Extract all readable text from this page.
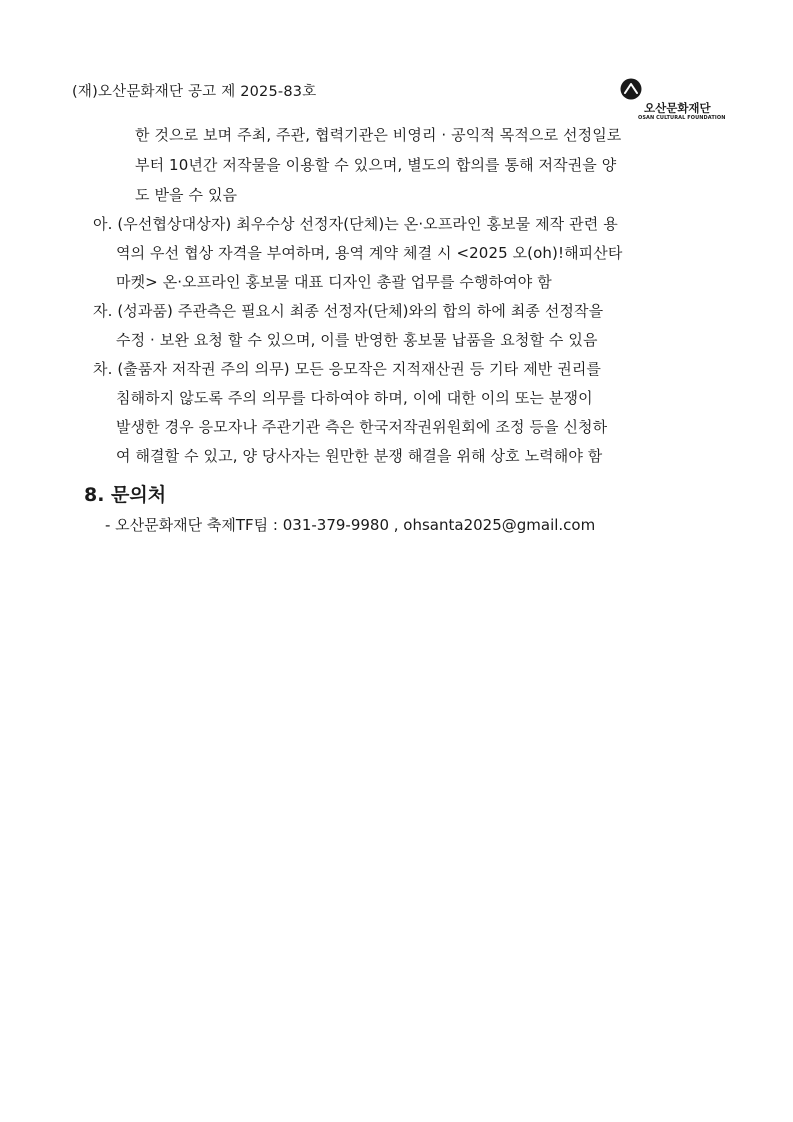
(재)오산문화재단 공고 제 2025-83호
오산문화재단
OSAN CULTURAL FOUNDATION
한 것으로 보며 주최, 주관, 협력기관은 비영리 · 공익적 목적으로 선정일로
부터 10년간 저작물을 이용할 수 있으며, 별도의 합의를 통해 저작권을 양
도 받을 수 있음
아. (우선협상대상자) 최우수상 선정자(단체)는 온·오프라인 홍보물 제작 관련 용
역의 우선 협상 자격을 부여하며, 용역 계약 체결 시 <2025 오(oh)!해피산타
마켓> 온·오프라인 홍보물 대표 디자인 총괄 업무를 수행하여야 함
자. (성과품) 주관측은 필요시 최종 선정자(단체)와의 합의 하에 최종 선정작을
수정 · 보완 요청 할 수 있으며, 이를 반영한 홍보물 납품을 요청할 수 있음
차. (출품자 저작권 주의 의무) 모든 응모작은 지적재산권 등 기타 제반 권리를
침해하지 않도록 주의 의무를 다하여야 하며, 이에 대한 이의 또는 분쟁이
발생한 경우 응모자나 주관기관 측은 한국저작권위원회에 조정 등을 신청하
여 해결할 수 있고, 양 당사자는 원만한 분쟁 해결을 위해 상호 노력해야 함
8. 문의처
- 오산문화재단 축제TF팀 : 031-379-9980 , ohsanta2025@gmail.com
